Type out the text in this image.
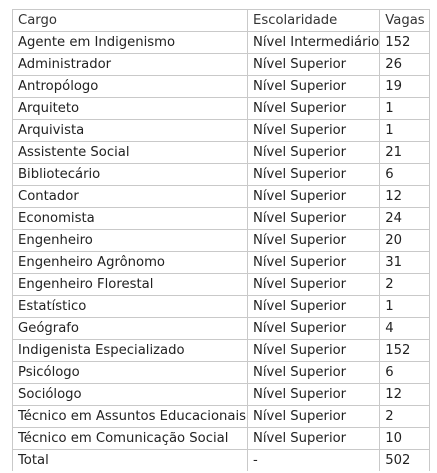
Cargo	Escolaridade	Vagas
Agente em Indigenismo	Nível Intermediário	152
Administrador	Nível Superior	26
Antropólogo	Nível Superior	19
Arquiteto	Nível Superior	1
Arquivista	Nível Superior	1
Assistente Social	Nível Superior	21
Bibliotecário	Nível Superior	6
Contador	Nível Superior	12
Economista	Nível Superior	24
Engenheiro	Nível Superior	20
Engenheiro Agrônomo	Nível Superior	31
Engenheiro Florestal	Nível Superior	2
Estatístico	Nível Superior	1
Geógrafo	Nível Superior	4
Indigenista Especializado	Nível Superior	152
Psicólogo	Nível Superior	6
Sociólogo	Nível Superior	12
Técnico em Assuntos Educacionais	Nível Superior	2
Técnico em Comunicação Social	Nível Superior	10
Total	-	502
